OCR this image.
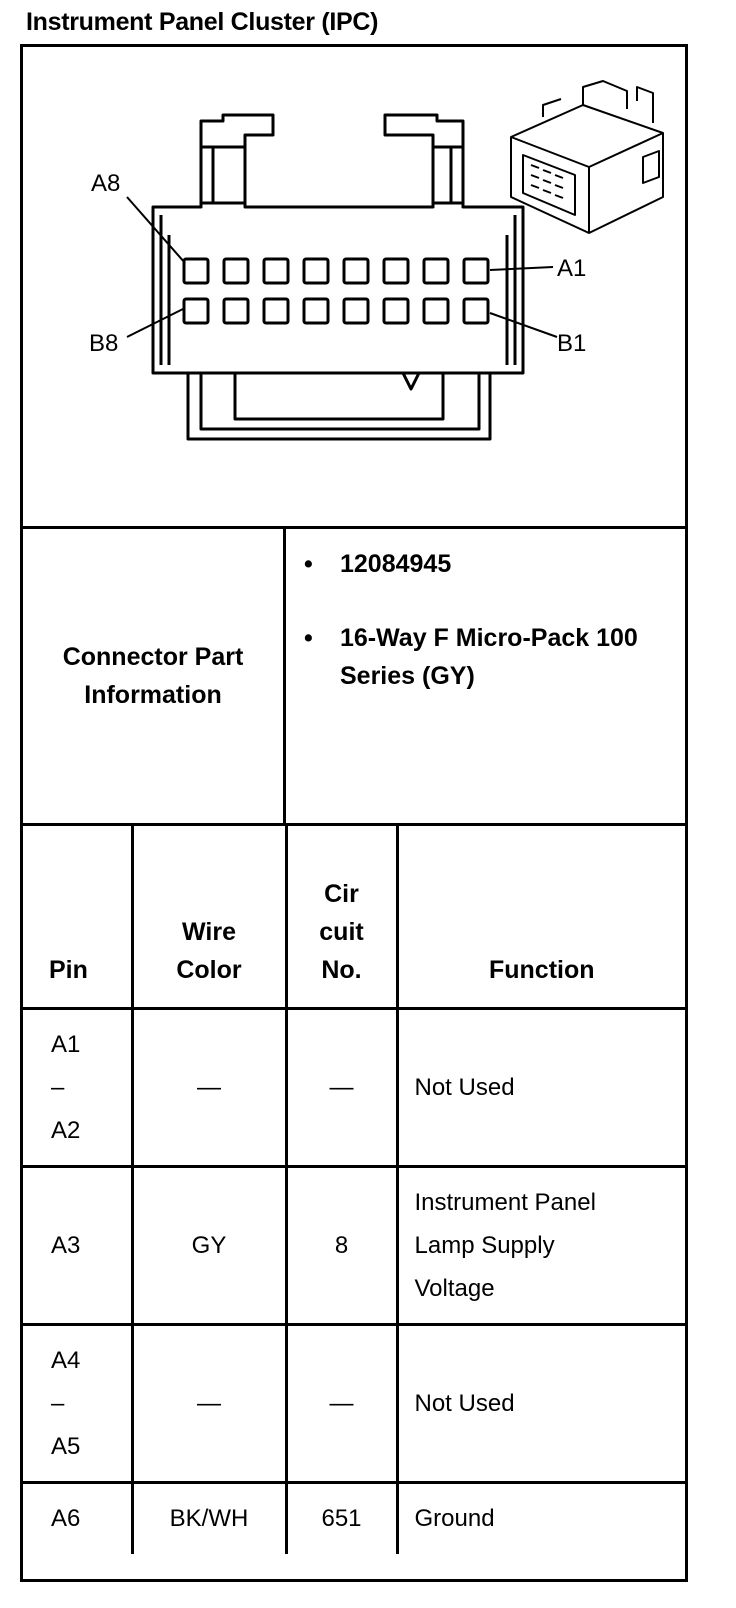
Instrument Panel Cluster (IPC)
A8
A1
B8	B1
Connector Part Information
• 12084945
• 16-Way F Micro-Pack 100 Series (GY)
Pin	Wire Color	Cir cuit No.	Function

A1 –A2	—	—	Not Used
A3	GY	8	Instrument Panel Lamp Supply Voltage

A4 –A5	—	—	Not Used
A6	BK/WH	651	Ground
